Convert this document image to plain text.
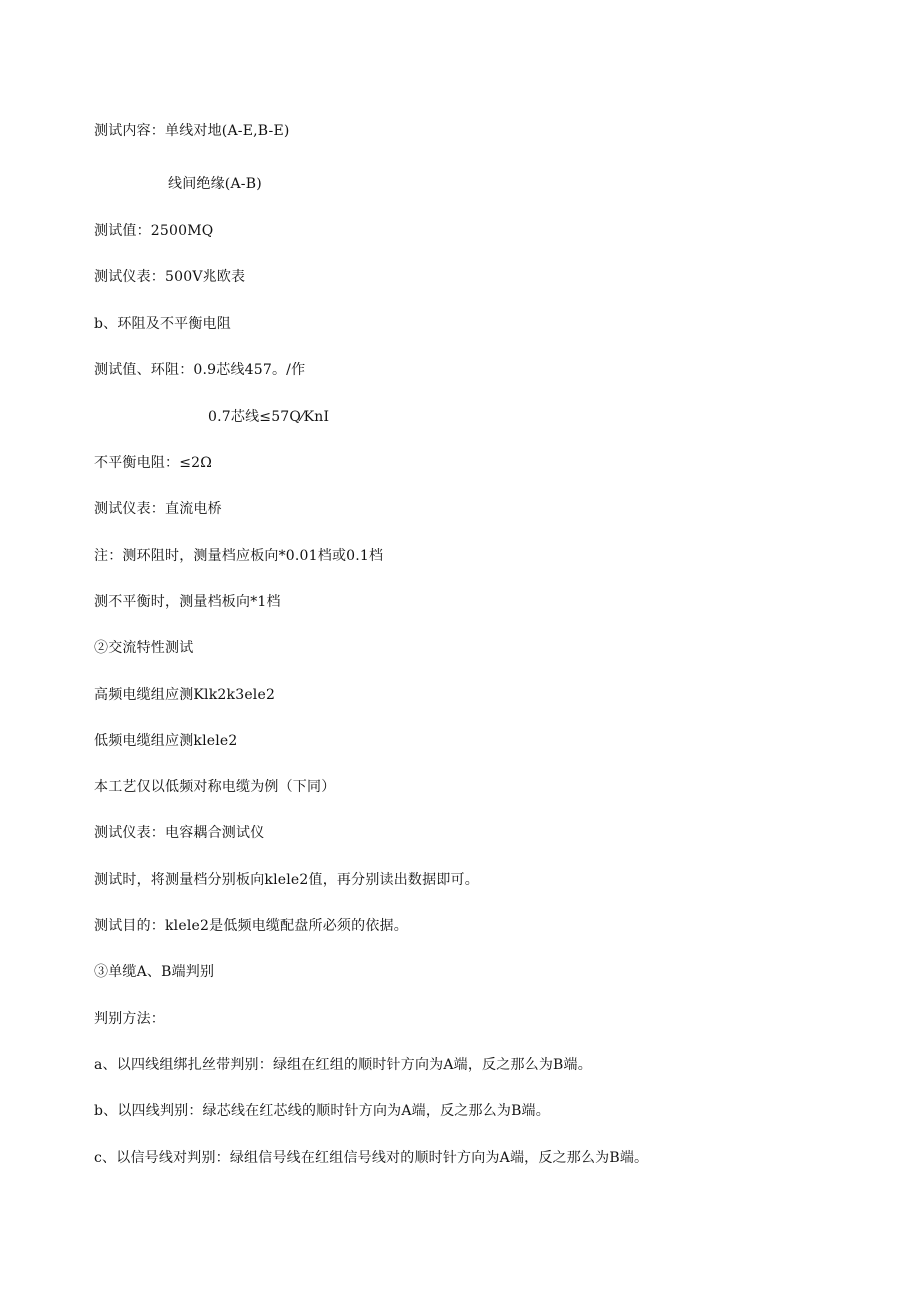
测试内容：单线对地(A-E,B-E)
线间绝缘(A-B)
测试值：2500MQ
测试仪表：500V兆欧表
b、环阻及不平衡电阻
测试值、环阻：0.9芯线457。/作
0.7芯线≤57Q⁄KnI
不平衡电阻：≤2Ω
测试仪表：直流电桥
注：测环阻时，测量档应板向*0.01档或0.1档
测不平衡时，测量档板向*1档
②交流特性测试
高频电缆组应测Klk2k3ele2
低频电缆组应测klele2
本工艺仅以低频对称电缆为例（下同）
测试仪表：电容耦合测试仪
测试时，将测量档分别板向klele2值，再分别读出数据即可。
测试目的：klele2是低频电缆配盘所必须的依据。
③单缆A、B端判别
判别方法：
a、以四线组绑扎丝带判别：绿组在红组的顺时针方向为A端，反之那么为B端。
b、以四线判别：绿芯线在红芯线的顺时针方向为A端，反之那么为B端。
c、以信号线对判别：绿组信号线在红组信号线对的顺时针方向为A端，反之那么为B端。
